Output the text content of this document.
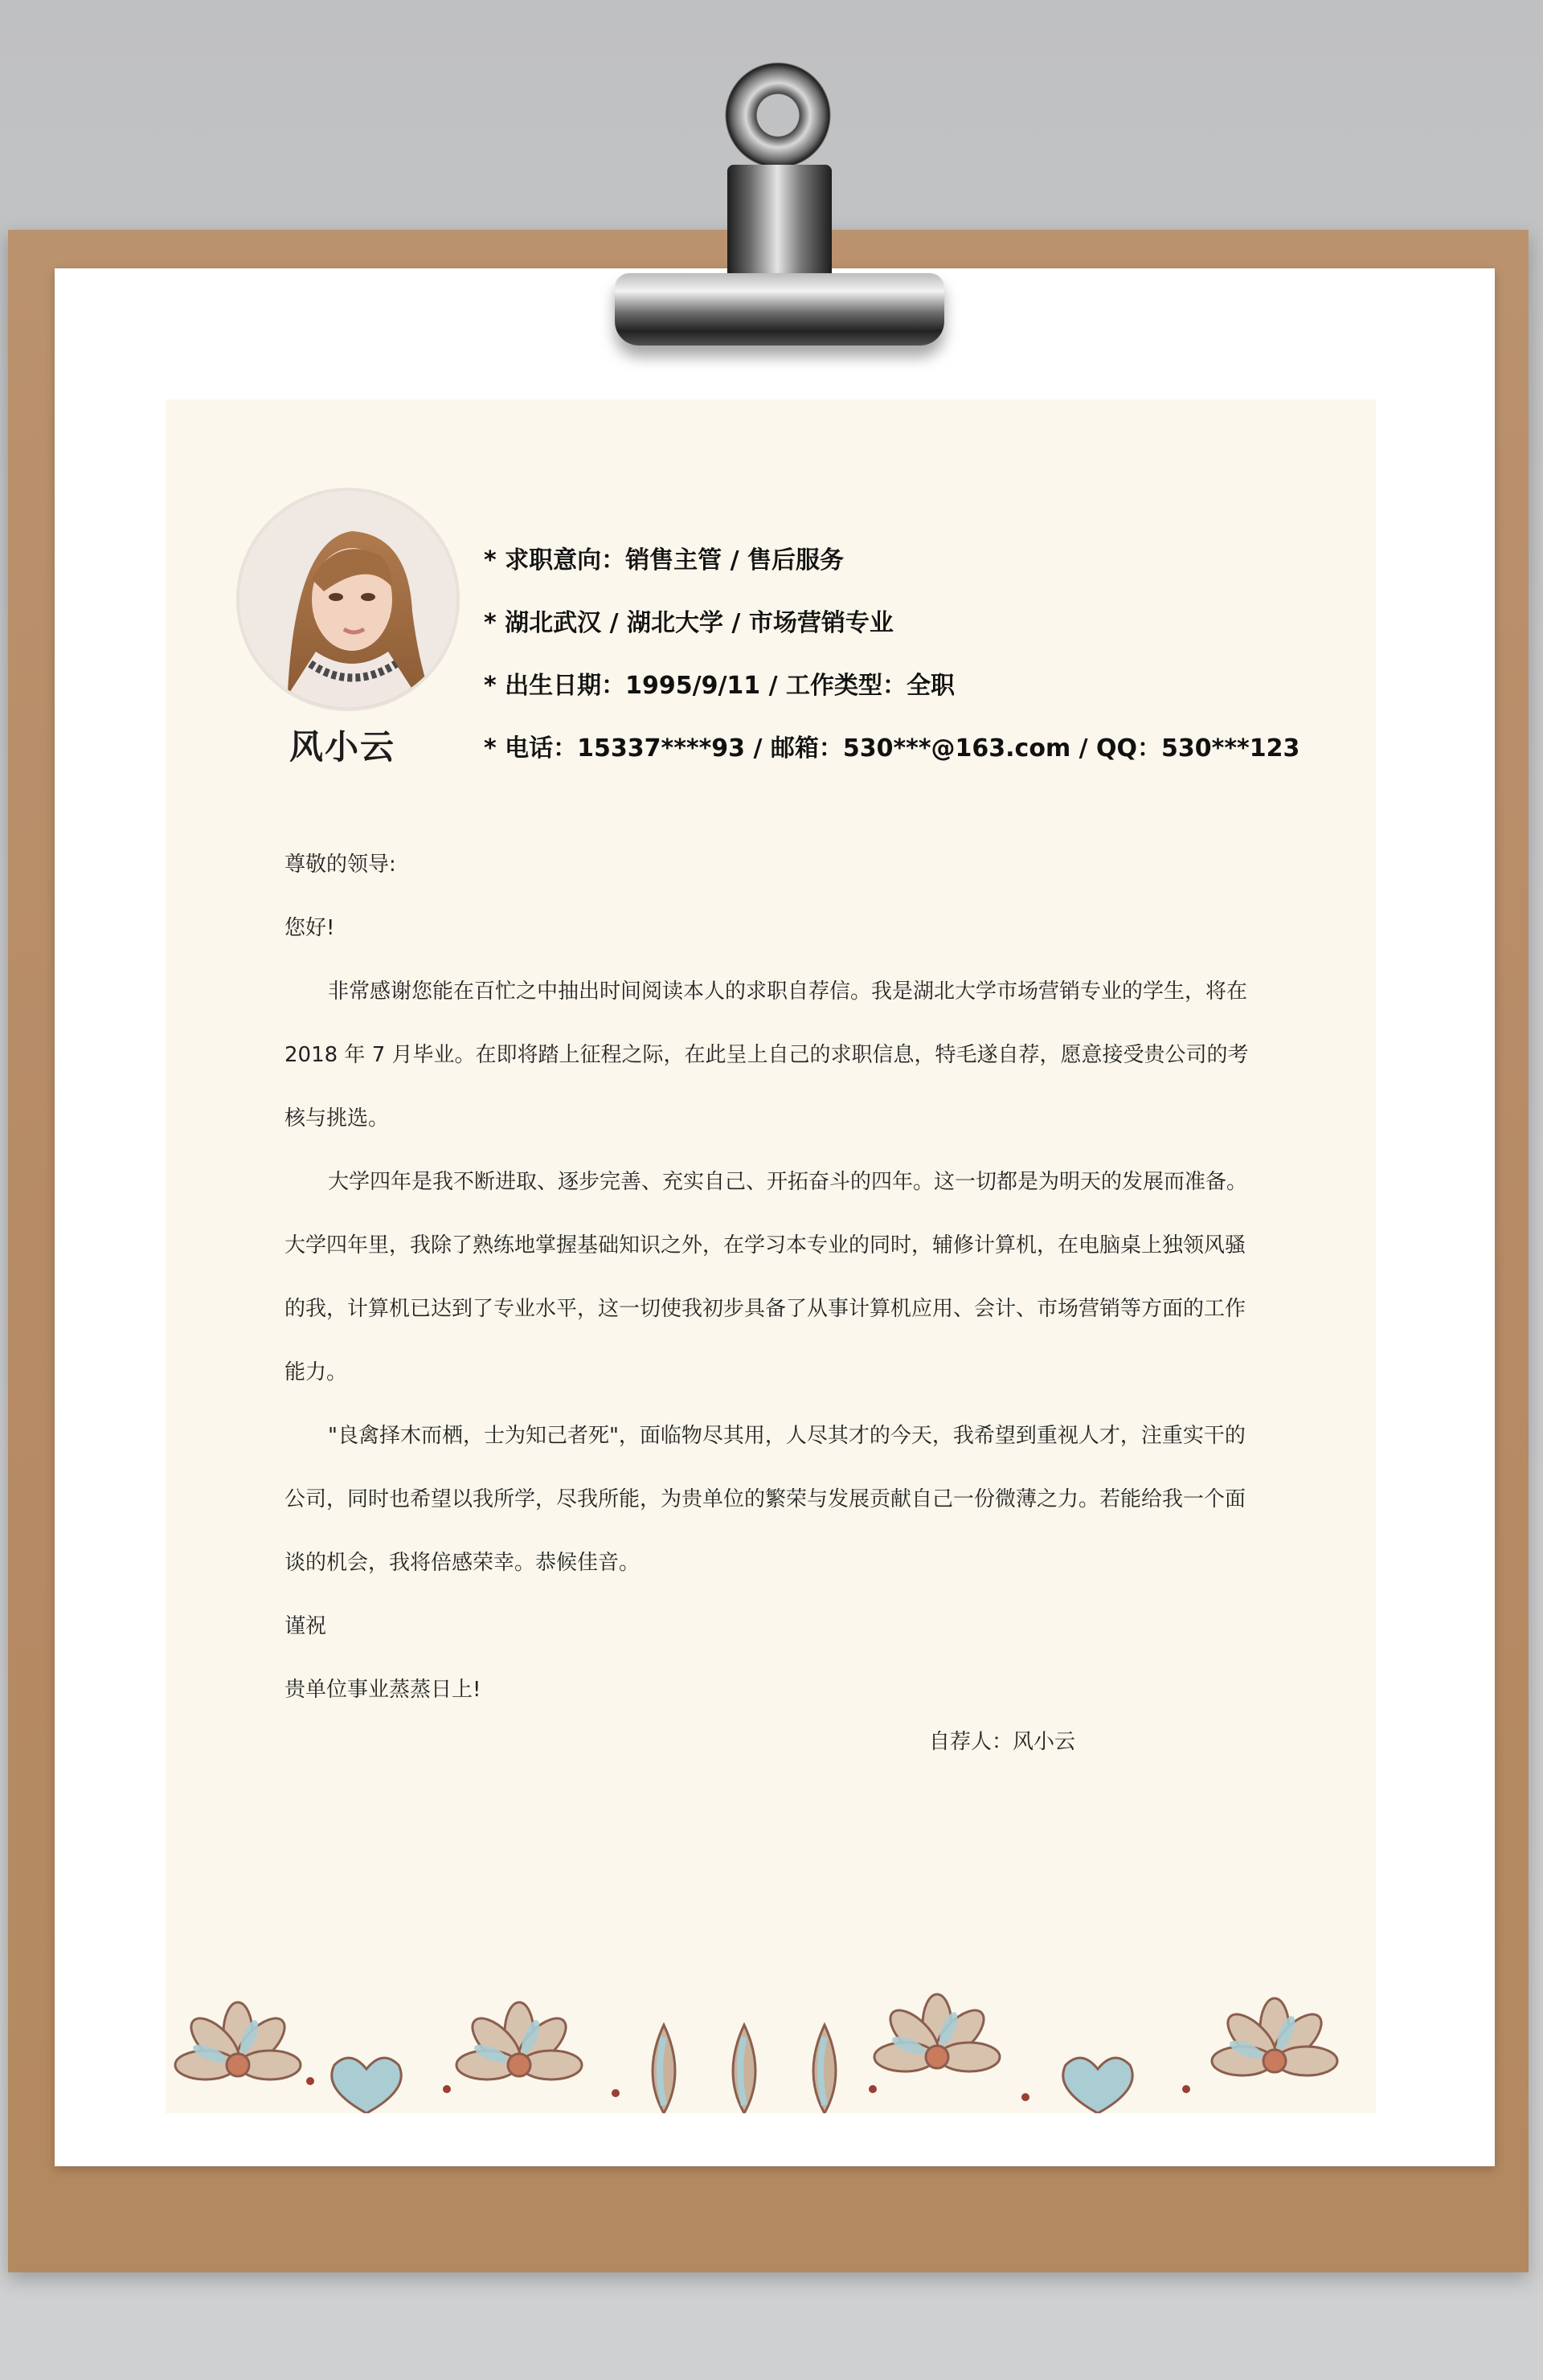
风小云
* 求职意向：销售主管 / 售后服务
* 湖北武汉 / 湖北大学 / 市场营销专业
* 出生日期：1995/9/11 / 工作类型：全职
* 电话：15337****93 / 邮箱：530***@163.com / QQ：530***123

尊敬的领导:

您好!

非常感谢您能在百忙之中抽出时间阅读本人的求职自荐信。我是湖北大学市场营销专业的学生，将在 2018 年 7 月毕业。在即将踏上征程之际，在此呈上自己的求职信息，特毛遂自荐，愿意接受贵公司的考核与挑选。

大学四年是我不断进取、逐步完善、充实自己、开拓奋斗的四年。这一切都是为明天的发展而准备。大学四年里，我除了熟练地掌握基础知识之外，在学习本专业的同时，辅修计算机，在电脑桌上独领风骚的我，计算机已达到了专业水平，这一切使我初步具备了从事计算机应用、会计、市场营销等方面的工作能力。

"良禽择木而栖，士为知己者死"，面临物尽其用，人尽其才的今天，我希望到重视人才，注重实干的公司，同时也希望以我所学，尽我所能，为贵单位的繁荣与发展贡献自己一份微薄之力。若能给我一个面谈的机会，我将倍感荣幸。恭候佳音。

谨祝

贵单位事业蒸蒸日上!

自荐人：风小云
